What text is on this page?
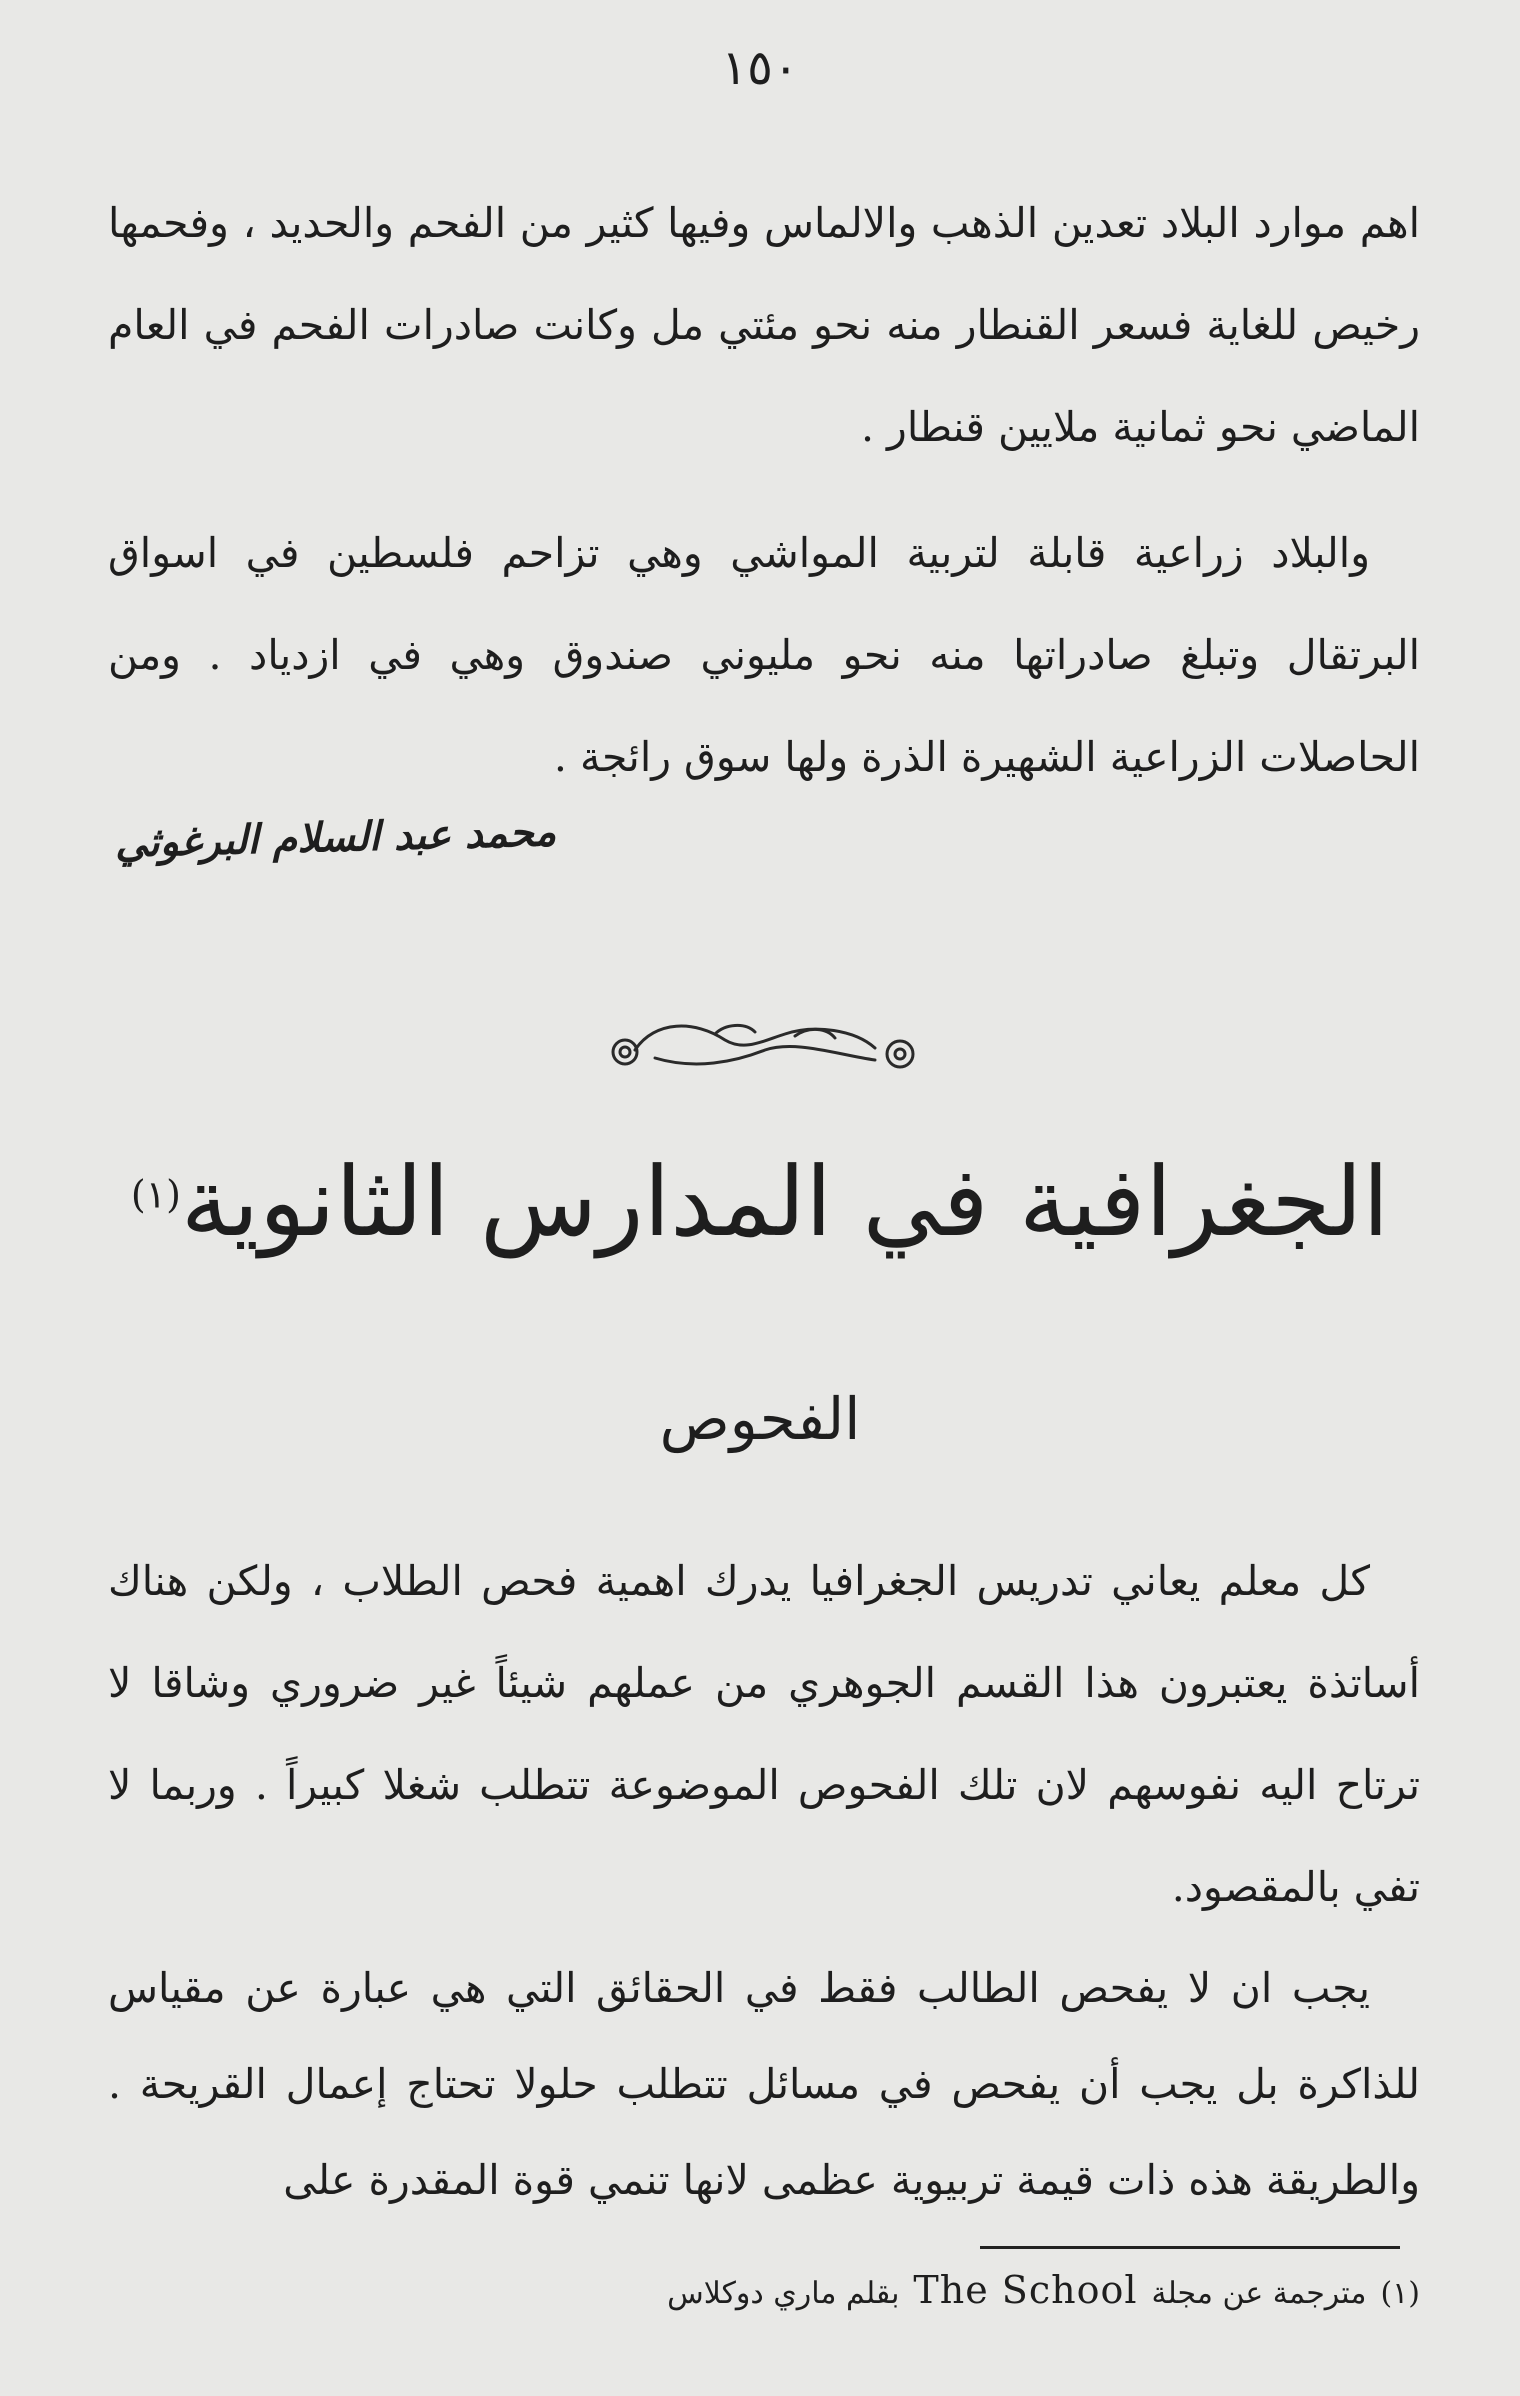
١٥٠

اهم موارد البلاد تعدين الذهب والالماس وفيها كثير من الفحم والحديد ، وفحمها رخيص للغاية فسعر القنطار منه نحو مئتي مل وكانت صادرات الفحم في العام الماضي نحو ثمانية ملايين قنطار .

والبلاد زراعية قابلة لتربية المواشي وهي تزاحم فلسطين في اسواق البرتقال وتبلغ صادراتها منه نحو مليوني صندوق وهي في ازدياد . ومن الحاصلات الزراعية الشهيرة الذرة ولها سوق رائجة .

محمد عبد السلام البرغوثي
الجغرافية في المدارس الثانوية$^{(١)}$
الفحوص

كل معلم يعاني تدريس الجغرافيا يدرك اهمية فحص الطلاب ، ولكن هناك أساتذة يعتبرون هذا القسم الجوهري من عملهم شيئاً غير ضروري وشاقا لا ترتاح اليه نفوسهم لان تلك الفحوص الموضوعة تتطلب شغلا كبيراً . وربما لا تفي بالمقصود.

يجب ان لا يفحص الطالب فقط في الحقائق التي هي عبارة عن مقياس للذاكرة بل يجب أن يفحص في مسائل تتطلب حلولا تحتاج إعمال القريحة . والطريقة هذه ذات قيمة تربيوية عظمى لانها تنمي قوة المقدرة على

(١)
مترجمة عن مجلة
The School
بقلم ماري دوكلاس
